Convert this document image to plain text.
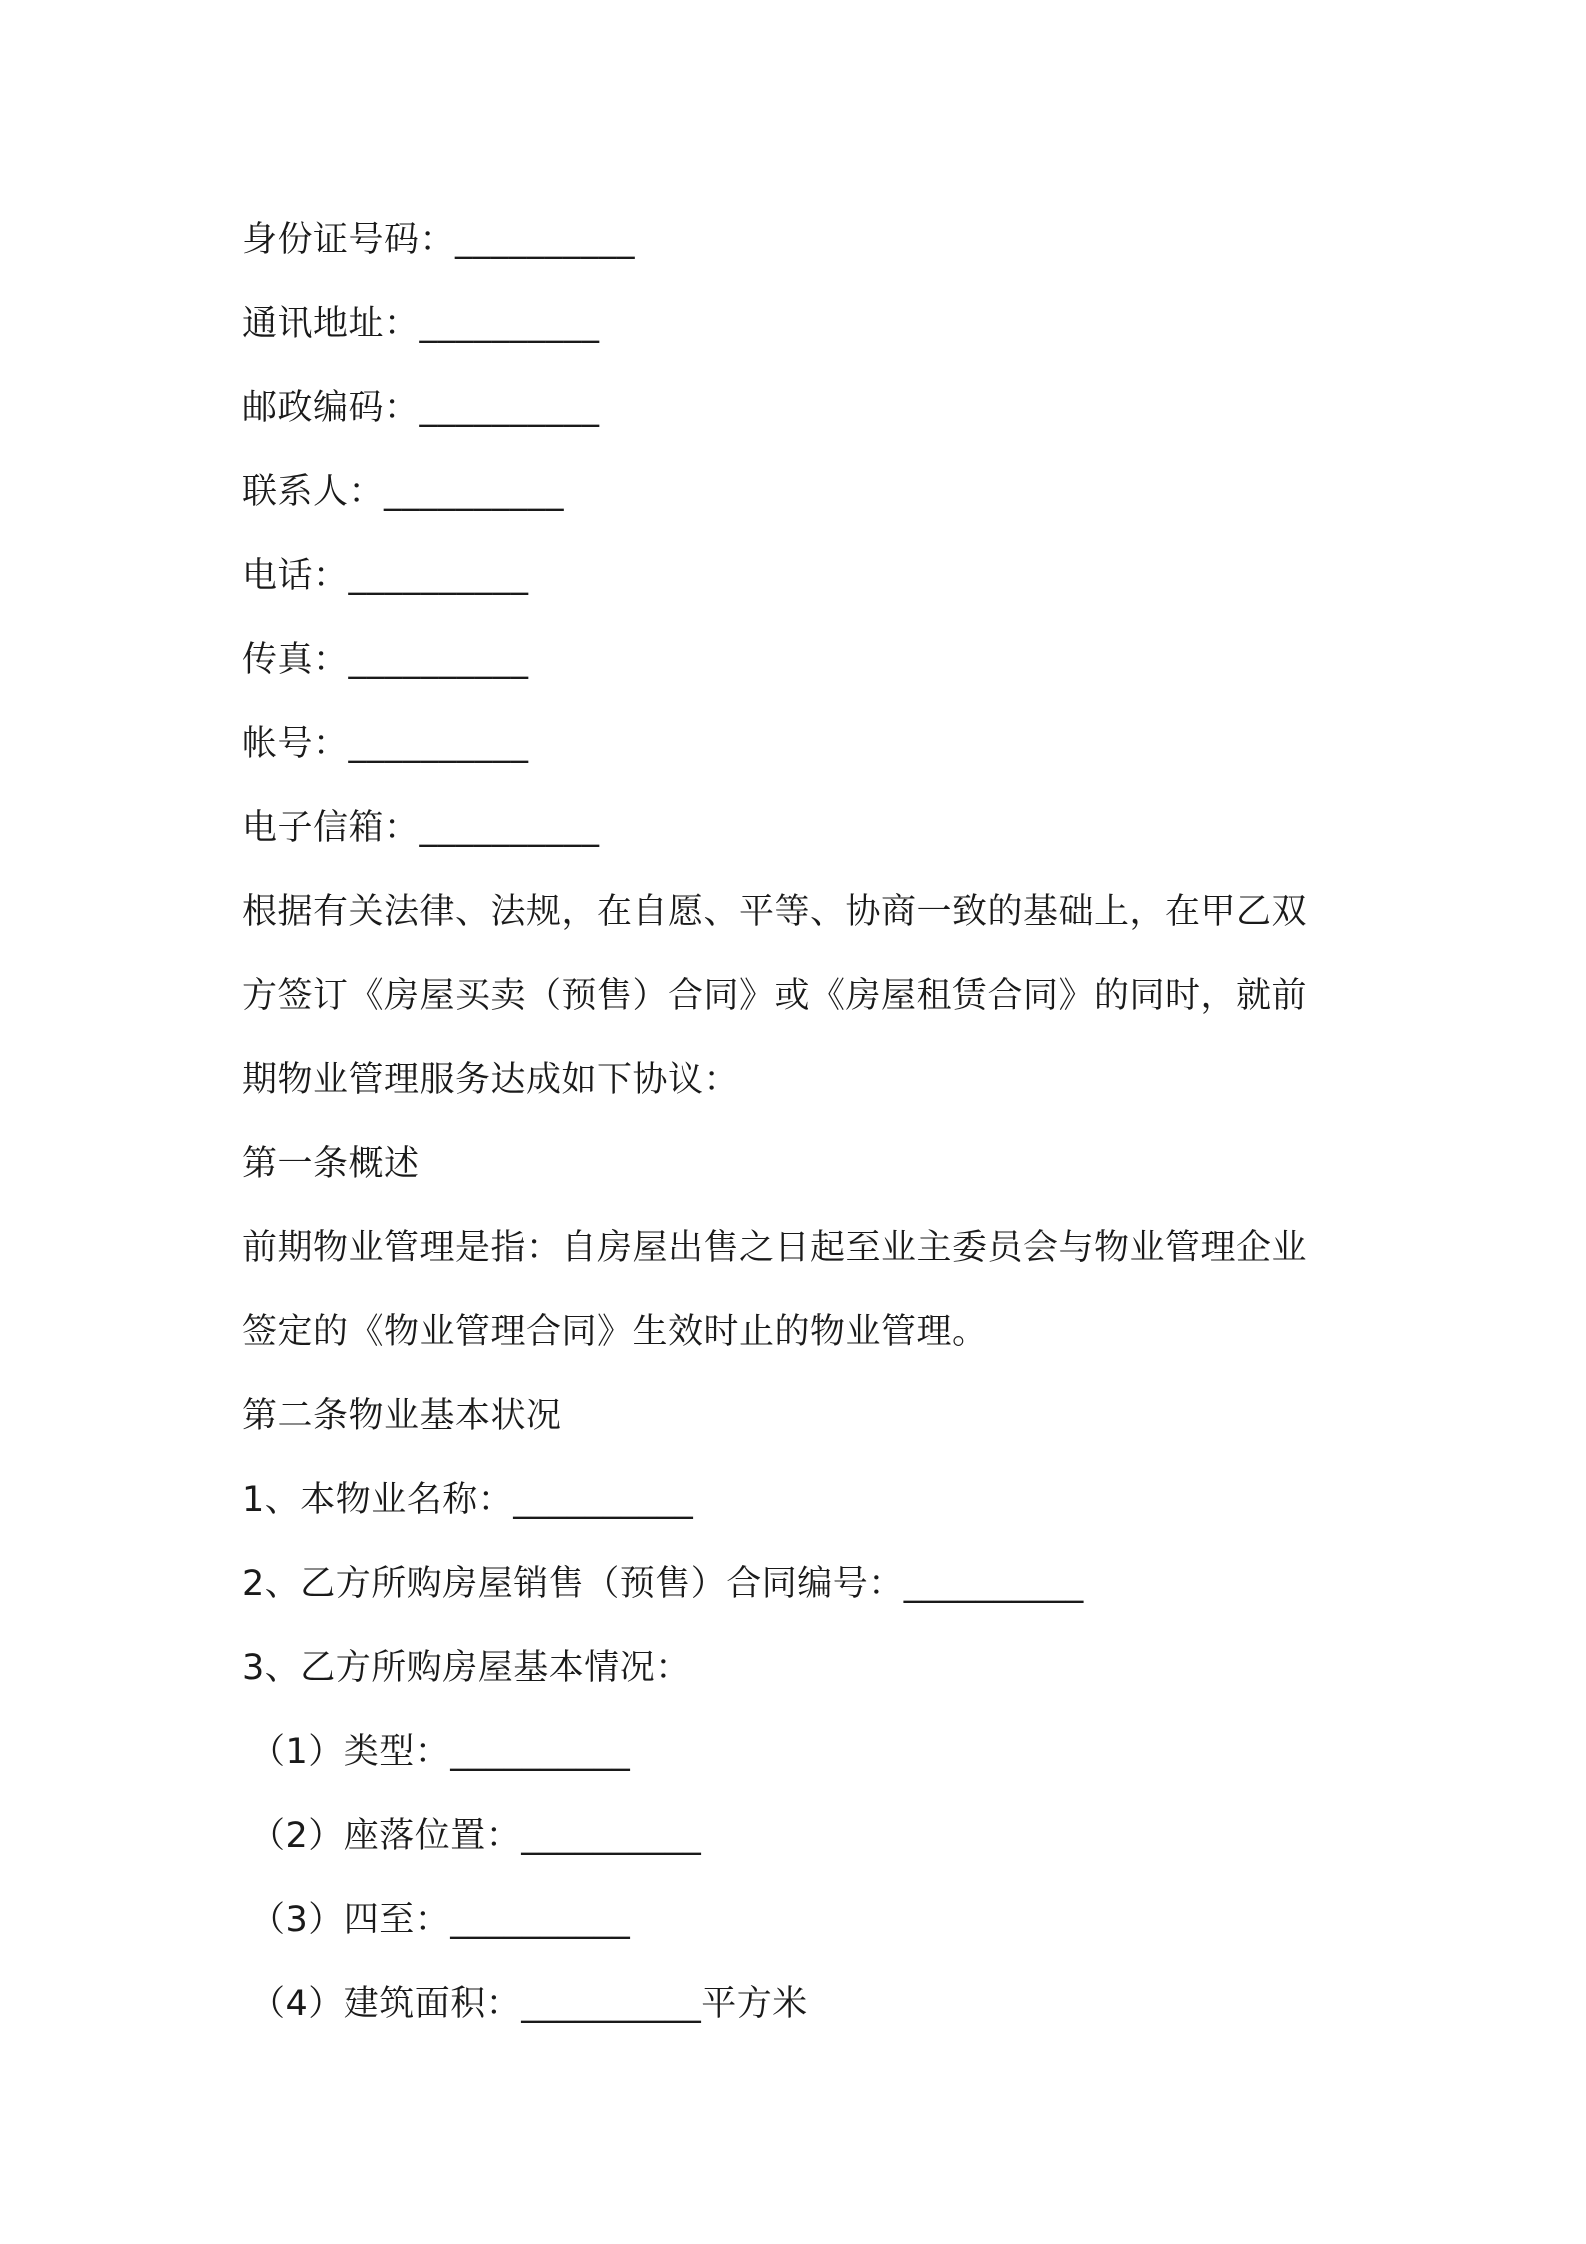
身份证号码：__________
通讯地址：__________
邮政编码：__________
联系人：__________
电话：__________
传真：__________
帐号：__________
电子信箱：__________
根据有关法律、法规，在自愿、平等、协商一致的基础上，在甲乙双
方签订《房屋买卖（预售）合同》或《房屋租赁合同》的同时，就前
期物业管理服务达成如下协议：
第一条概述
前期物业管理是指：自房屋出售之日起至业主委员会与物业管理企业
签定的《物业管理合同》生效时止的物业管理。
第二条物业基本状况
1、本物业名称：__________
2、乙方所购房屋销售（预售）合同编号：__________
3、乙方所购房屋基本情况：
（1）类型：__________
（2）座落位置：__________
（3）四至：__________
（4）建筑面积：__________平方米
